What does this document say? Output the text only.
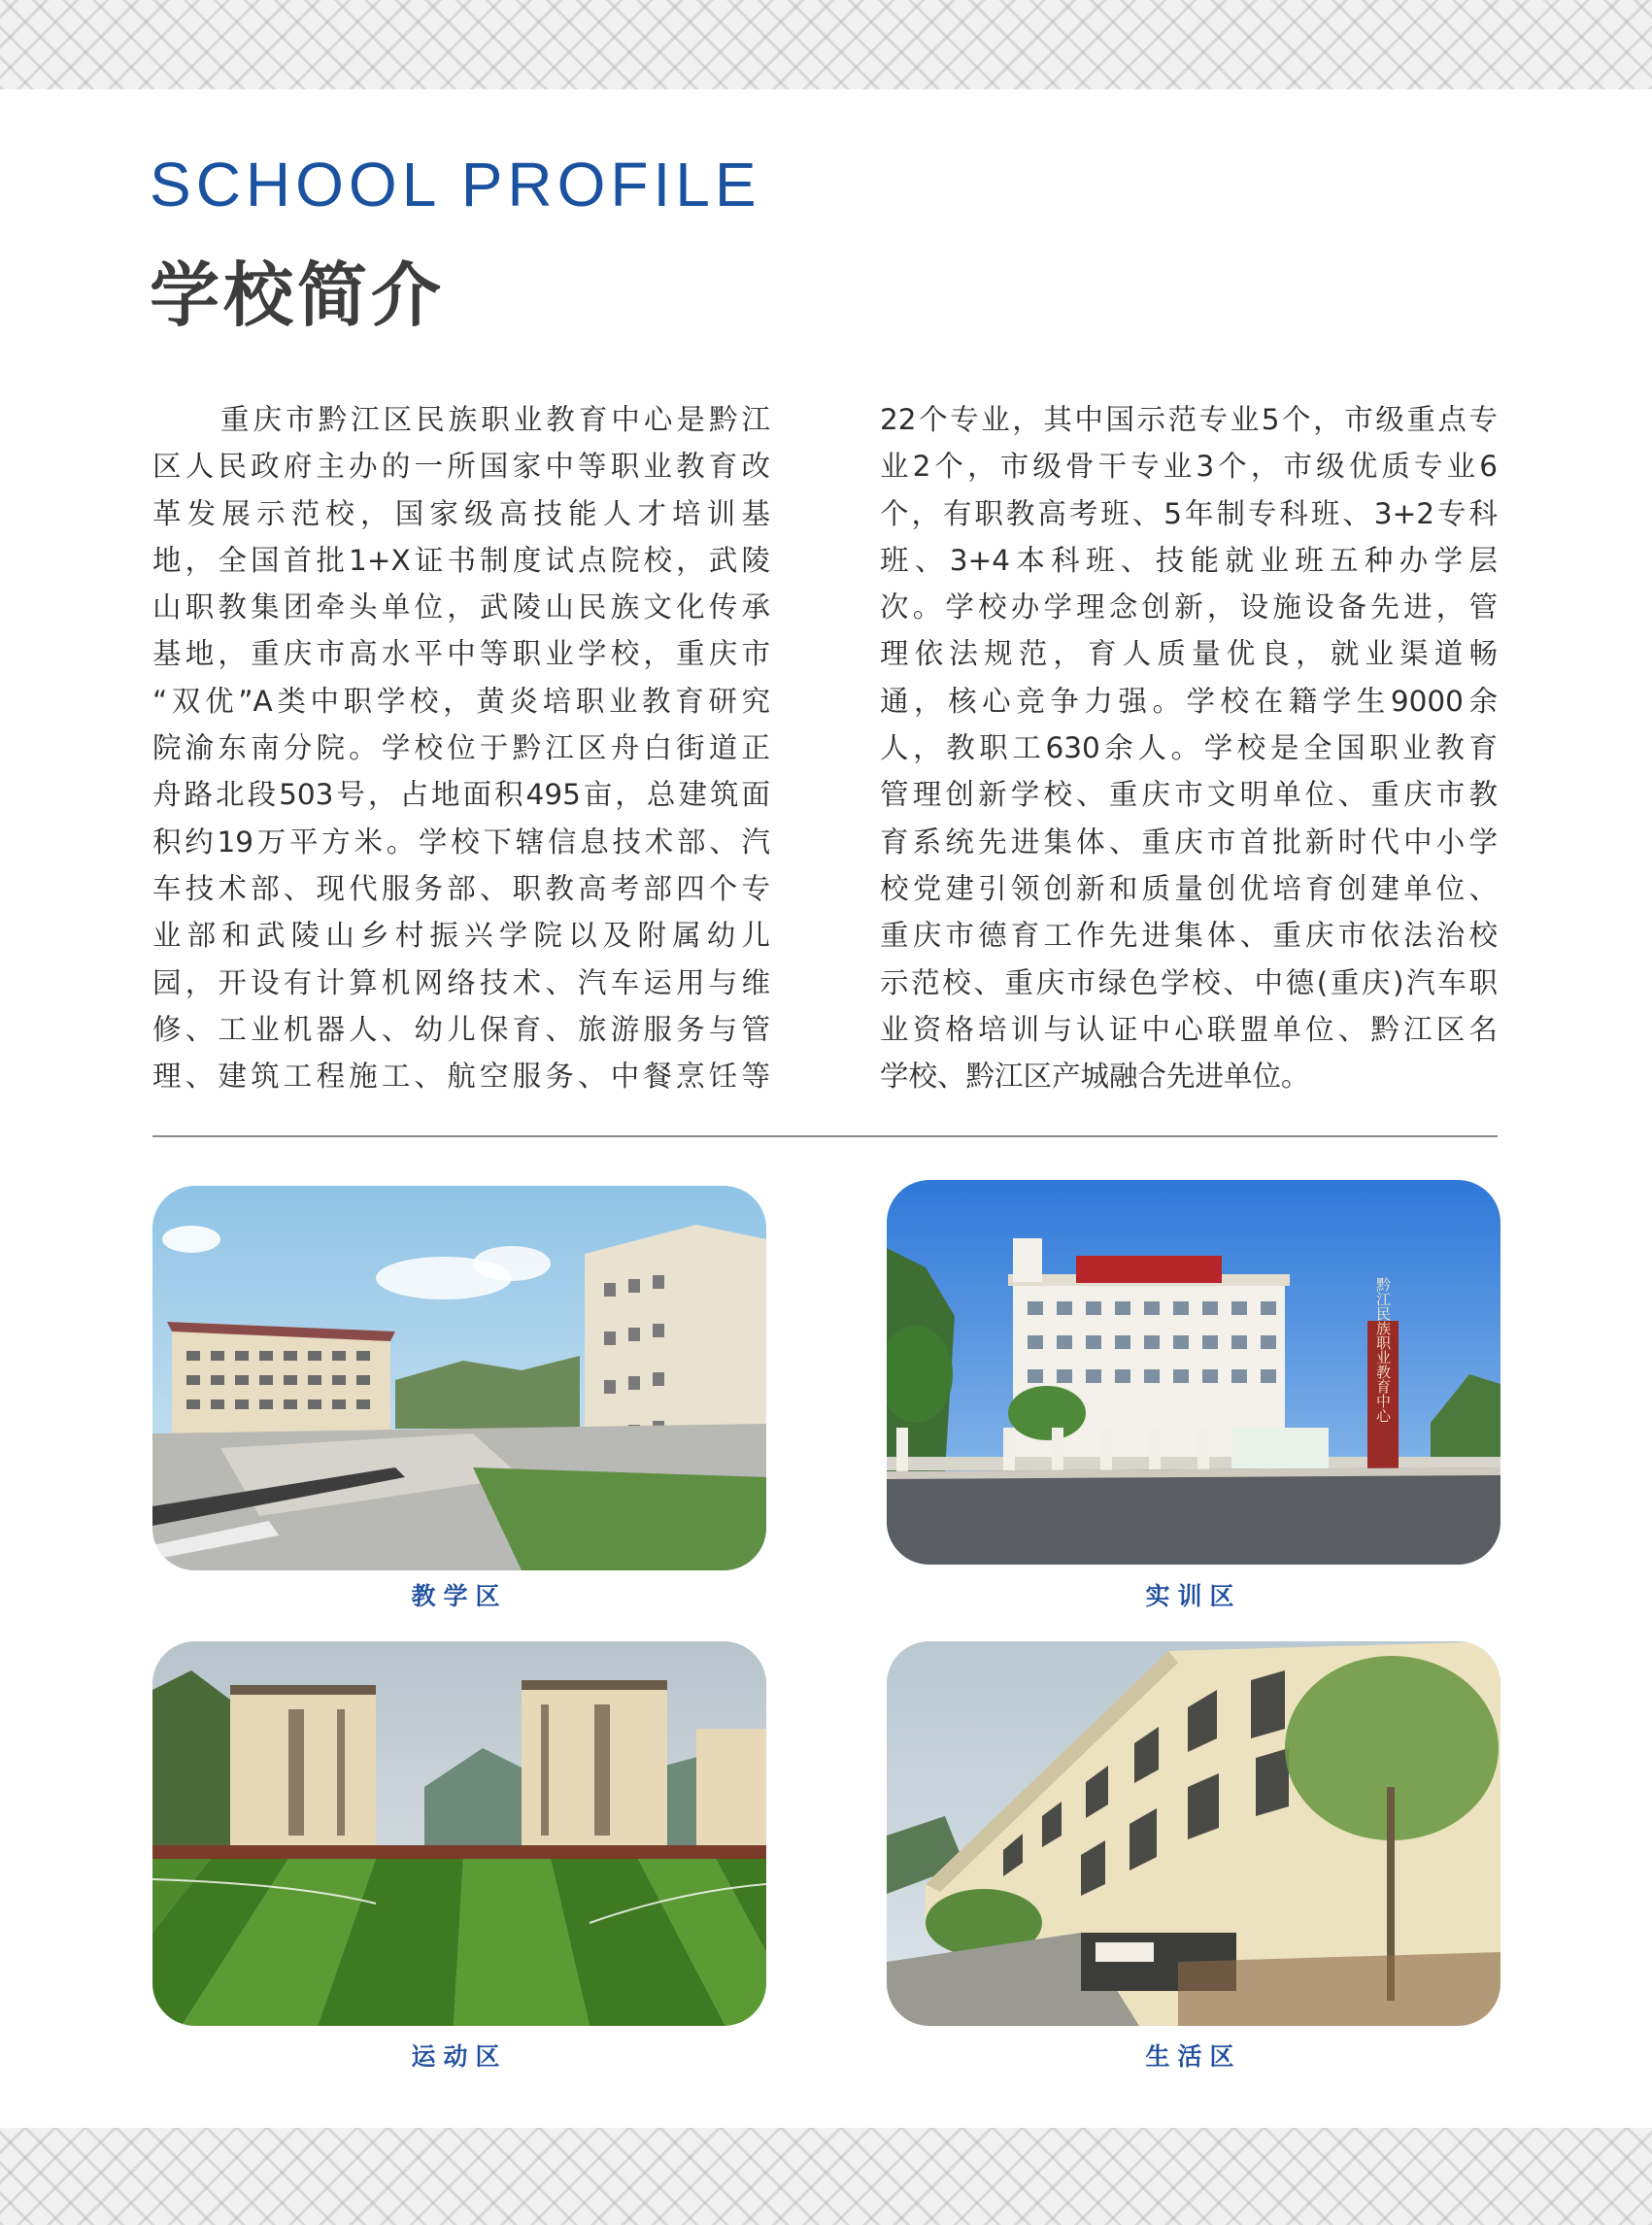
SCHOOL PROFILE
学校简介
重庆市黔江区民族职业教育中心是黔江
区人民政府主办的一所国家中等职业教育改
革发展示范校，国家级高技能人才培训基
地，全国首批1+X证书制度试点院校，武陵
山职教集团牵头单位，武陵山民族文化传承
基地，重庆市高水平中等职业学校，重庆市
“双优”A类中职学校，黄炎培职业教育研究
院渝东南分院。学校位于黔江区舟白街道正
舟路北段503号，占地面积495亩，总建筑面
积约19万平方米。学校下辖信息技术部、汽
车技术部、现代服务部、职教高考部四个专
业部和武陵山乡村振兴学院以及附属幼儿
园，开设有计算机网络技术、汽车运用与维
修、工业机器人、幼儿保育、旅游服务与管
理、建筑工程施工、航空服务、中餐烹饪等
22个专业，其中国示范专业5个，市级重点专
业2个，市级骨干专业3个，市级优质专业6
个，有职教高考班、5年制专科班、3+2专科
班、3+4本科班、技能就业班五种办学层
次。学校办学理念创新，设施设备先进，管
理依法规范，育人质量优良，就业渠道畅
通，核心竞争力强。学校在籍学生9000余
人，教职工630余人。学校是全国职业教育
管理创新学校、重庆市文明单位、重庆市教
育系统先进集体、重庆市首批新时代中小学
校党建引领创新和质量创优培育创建单位、
重庆市德育工作先进集体、重庆市依法治校
示范校、重庆市绿色学校、中德(重庆)汽车职
业资格培训与认证中心联盟单位、黔江区名
学校、黔江区产城融合先进单位。
教学区
黔江民族职业教育中心
实训区
运动区	生活区
